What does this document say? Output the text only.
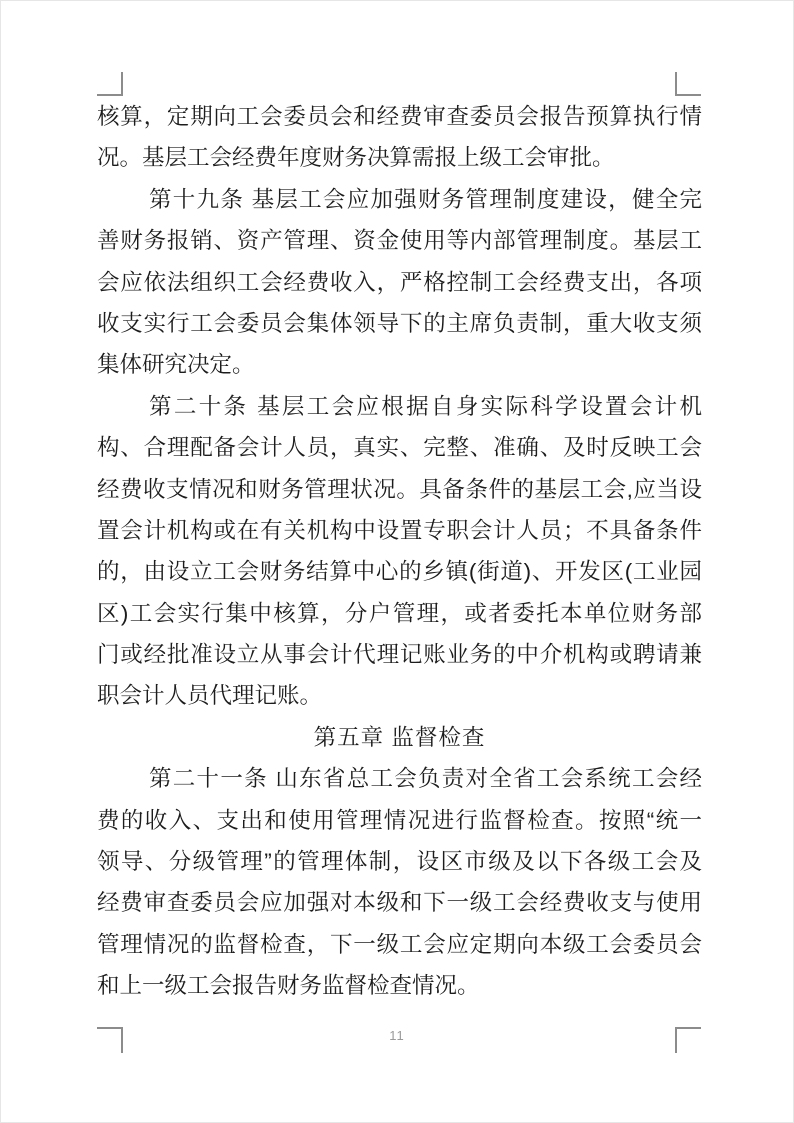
核算，定期向工会委员会和经费审查委员会报告预算执行情
况。基层工会经费年度财务决算需报上级工会审批。
第十九条 基层工会应加强财务管理制度建设，健全完
善财务报销、资产管理、资金使用等内部管理制度。基层工
会应依法组织工会经费收入，严格控制工会经费支出，各项
收支实行工会委员会集体领导下的主席负责制，重大收支须
集体研究决定。
第二十条 基层工会应根据自身实际科学设置会计机
构、合理配备会计人员，真实、完整、准确、及时反映工会
经费收支情况和财务管理状况。具备条件的基层工会,应当设
置会计机构或在有关机构中设置专职会计人员；不具备条件
的，由设立工会财务结算中心的乡镇(街道)、开发区(工业园
区)工会实行集中核算，分户管理，或者委托本单位财务部
门或经批准设立从事会计代理记账业务的中介机构或聘请兼
职会计人员代理记账。
第五章 监督检查
第二十一条 山东省总工会负责对全省工会系统工会经
费的收入、支出和使用管理情况进行监督检查。按照“统一
领导、分级管理”的管理体制，设区市级及以下各级工会及
经费审查委员会应加强对本级和下一级工会经费收支与使用
管理情况的监督检查，下一级工会应定期向本级工会委员会
和上一级工会报告财务监督检查情况。
11
